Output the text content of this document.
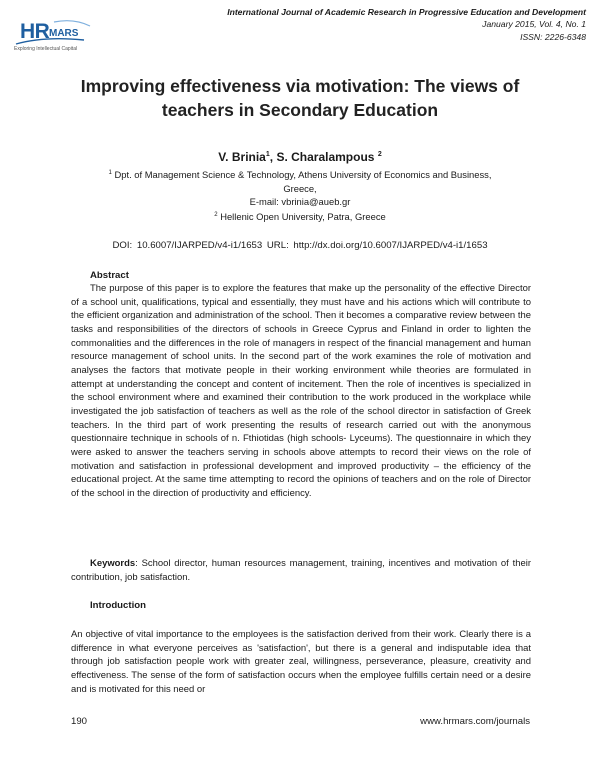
HR MARS
Exploring Intellectual Capital
International Journal of Academic Research in Progressive Education and Development
January 2015, Vol. 4, No. 1
ISSN: 2226-6348
Improving effectiveness via motivation: The views of teachers in Secondary Education
V. Brinia$^1$, S. Charalampous $^2$
$^1$ Dpt. of Management Science & Technology, Athens University of Economics and Business, Greece,
E-mail: vbrinia@aueb.gr
$^2$ Hellenic Open University, Patra, Greece
DOI: 10.6007/IJARPED/v4-i1/1653 URL: http://dx.doi.org/10.6007/IJARPED/v4-i1/1653
Abstract

The purpose of this paper is to explore the features that make up the personality of the effective Director of a school unit, qualifications, typical and essentially, they must have and his actions which will contribute to the efficient organization and administration of the school. Then it becomes a comparative review between the tasks and responsibilities of the directors of schools in Greece Cyprus and Finland in order to lighten the commonalities and the differences in the role of managers in respect of the financial management and human resource management of school units. In the second part of the work examines the role of motivation and analyses the factors that motivate people in their working environment while theories are formulated in attempt at understanding the concept and content of incitement. Then the role of incentives is specialized in the school environment where and examined their contribution to the work produced in the workplace while investigated the job satisfaction of teachers as well as the role of the school director in satisfaction of Greek teachers. In the third part of work presenting the results of research carried out with the anonymous questionnaire technique in schools of n. Fthiotidas (high schools- Lyceums). The questionnaire in which they were asked to answer the teachers serving in schools above attempts to record their views on the role of motivation and satisfaction in professional development and improved productivity – the efficiency of the educational project. At the same time attempting to record the opinions of teachers and on the role of Director of the school in the direction of productivity and efficiency.

Keywords: School director, human resources management, training, incentives and motivation of their contribution, job satisfaction.

Introduction

An objective of vital importance to the employees is the satisfaction derived from their work. Clearly there is a difference in what everyone perceives as 'satisfaction', but there is a general and indisputable idea that through job satisfaction people work with greater zeal, willingness, perseverance, pleasure, creativity and effectiveness. The sense of the form of satisfaction occurs when the employee fulfills certain need or a desire and is motivated for this need or

190	www.hrmars.com/journals
